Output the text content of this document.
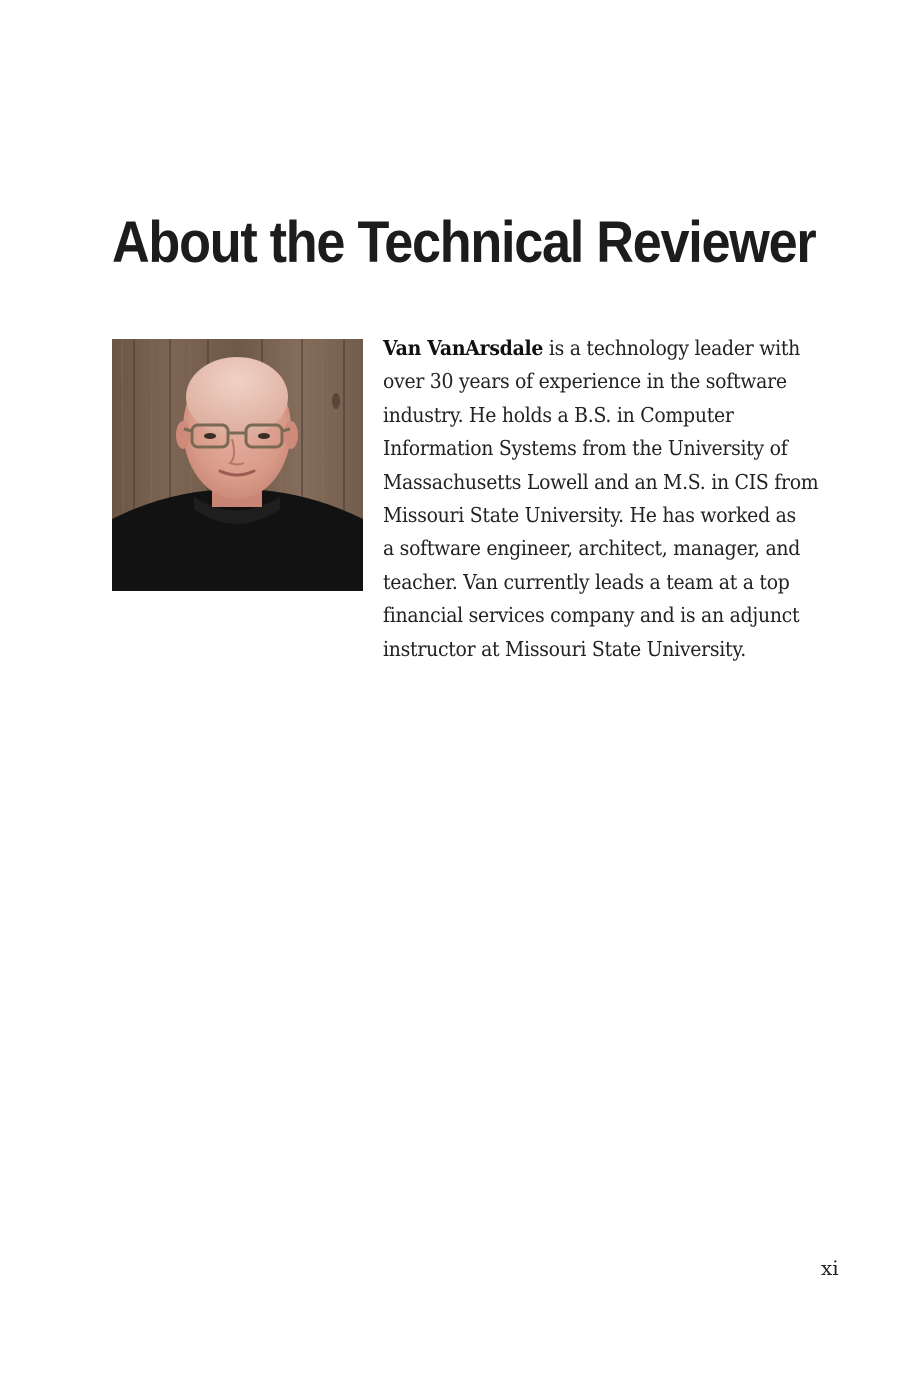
About the Technical Reviewer

Van VanArsdale is a technology leader with
over 30 years of experience in the software
industry. He holds a B.S. in Computer
Information Systems from the University of
Massachusetts Lowell and an M.S. in CIS from
Missouri State University. He has worked as
a software engineer, architect, manager, and
teacher. Van currently leads a team at a top
financial services company and is an adjunct
instructor at Missouri State University.

xi
